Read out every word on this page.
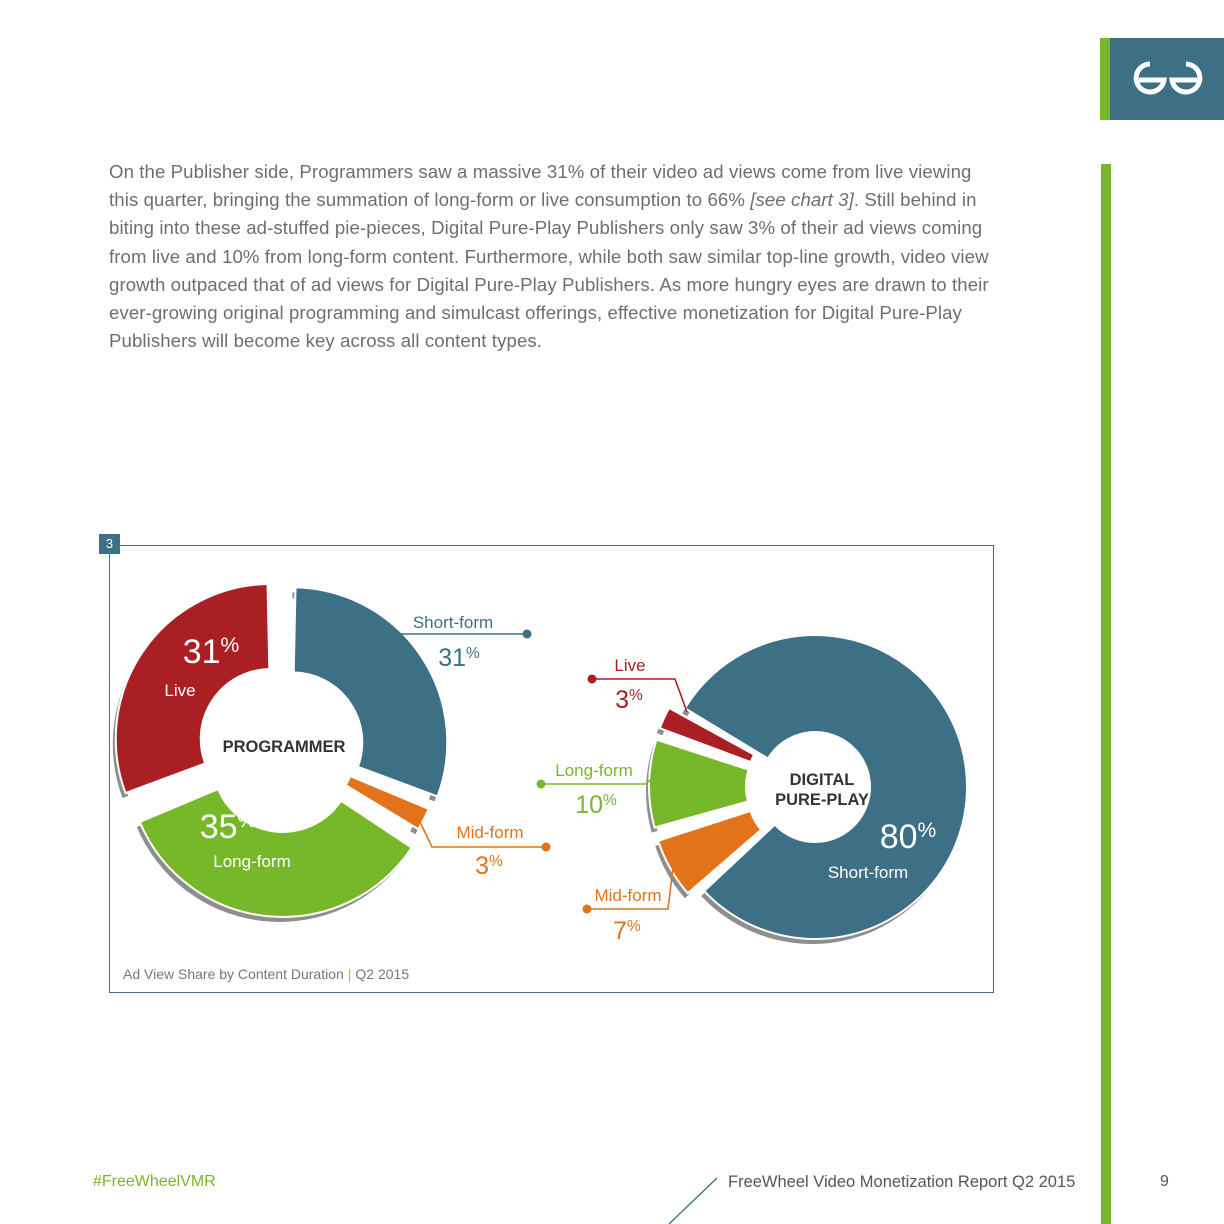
On the Publisher side, Programmers saw a massive 31% of their video ad views come from live viewing this quarter, bringing the summation of long-form or live consumption to 66% [see chart 3]. Still behind in biting into these ad-stuffed pie-pieces, Digital Pure-Play Publishers only saw 3% of their ad views coming from live and 10% from long-form content. Furthermore, while both saw similar top-line growth, video view growth outpaced that of ad views for Digital Pure-Play Publishers. As more hungry eyes are drawn to their ever-growing original programming and simulcast offerings, effective monetization for Digital Pure-Play Publishers will become key across all content types.
3
Short-form
31%
Mid-form
3%
35%
Long-form
31%
Live
PROGRAMMER
80%
Short-form
Mid-form
7%
Long-form
10%
Live
3%
DIGITAL
PURE-PLAY
Ad View Share by Content Duration | Q2 2015
#FreeWheelVMR	FreeWheel Video Monetization Report Q2 2015	9
